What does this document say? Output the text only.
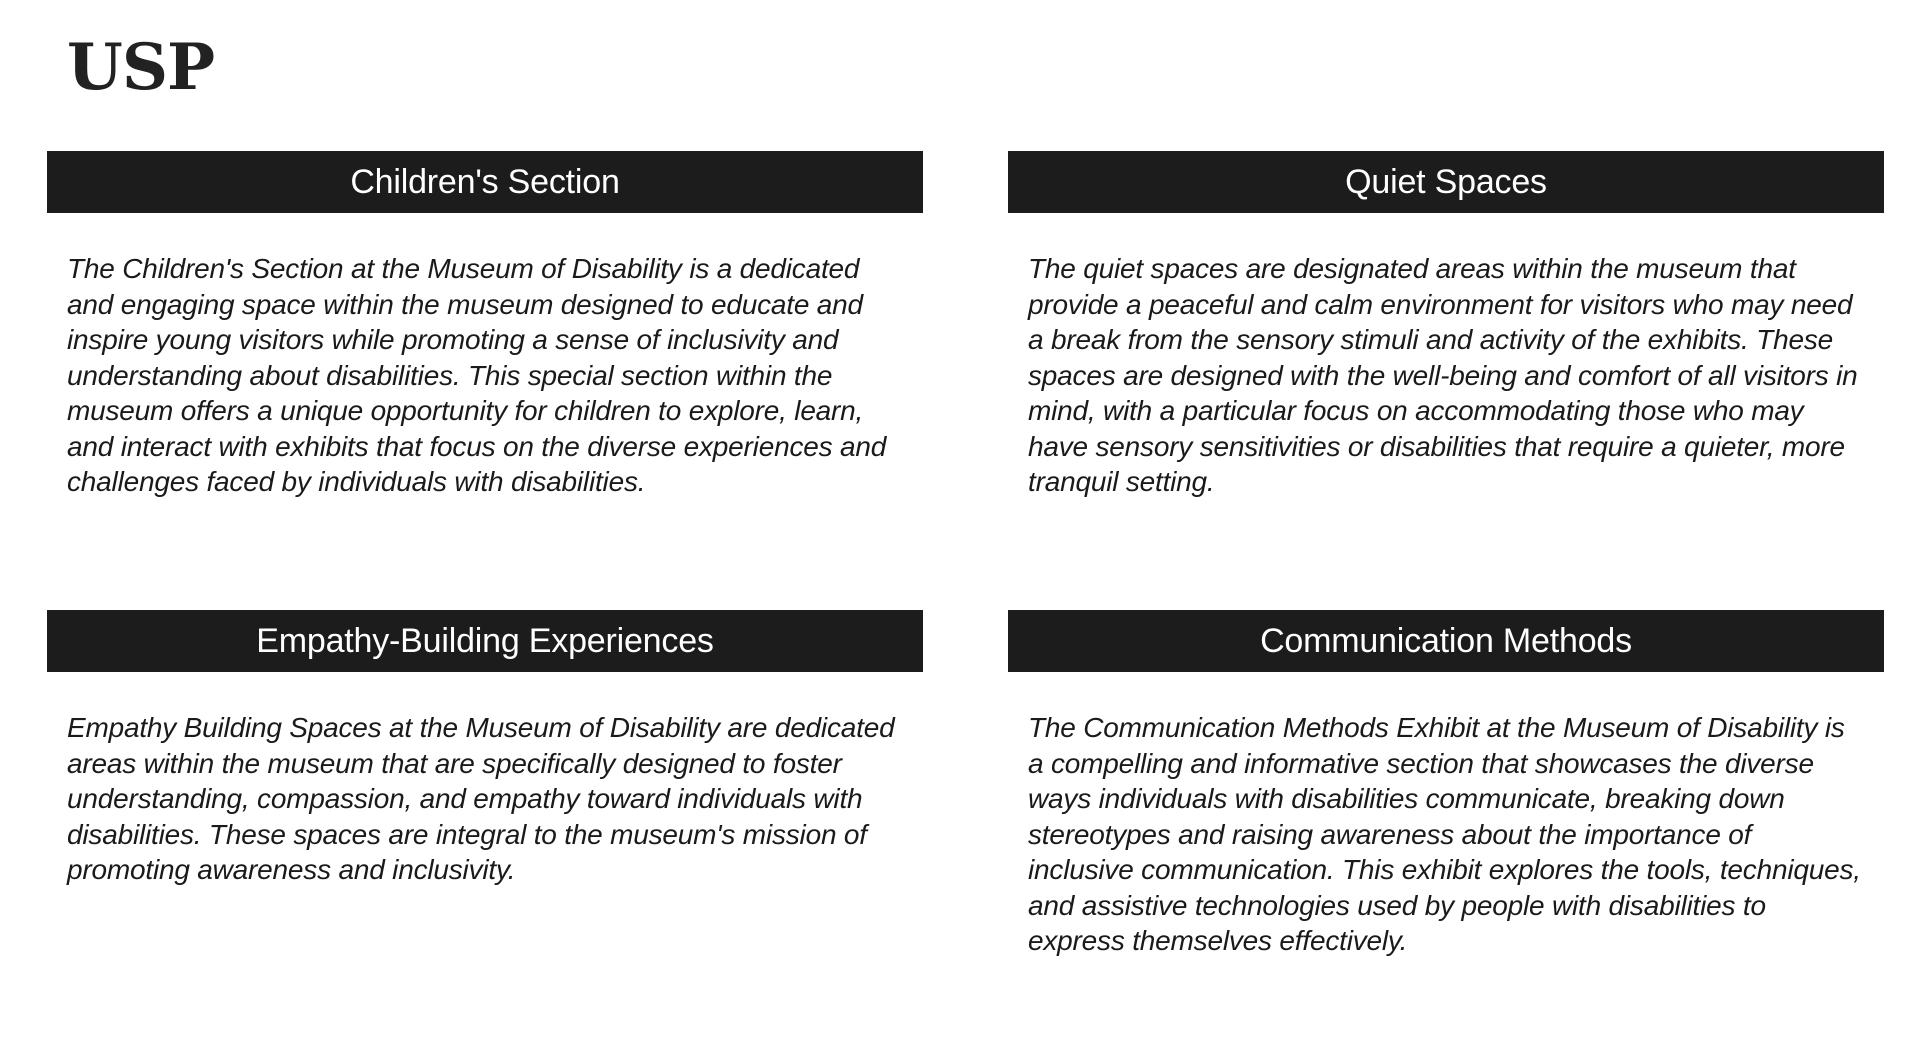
USP
Children's Section

The Children's Section at the Museum of Disability is a dedicated and engaging space within the museum designed to educate and inspire young visitors while promoting a sense of inclusivity and understanding about disabilities. This special section within the museum offers a unique opportunity for children to explore, learn, and interact with exhibits that focus on the diverse experiences and challenges faced by individuals with disabilities.

Quiet Spaces

The quiet spaces are designated areas within the museum that provide a peaceful and calm environment for visitors who may need a break from the sensory stimuli and activity of the exhibits. These spaces are designed with the well-being and comfort of all visitors in mind, with a particular focus on accommodating those who may have sensory sensitivities or disabilities that require a quieter, more tranquil setting.

Empathy-Building Experiences

Empathy Building Spaces at the Museum of Disability are dedicated areas within the museum that are specifically designed to foster understanding, compassion, and empathy toward individuals with disabilities. These spaces are integral to the museum's mission of promoting awareness and inclusivity.

Communication Methods

The Communication Methods Exhibit at the Museum of Disability is a compelling and informative section that showcases the diverse ways individuals with disabilities communicate, breaking down stereotypes and raising awareness about the importance of inclusive communication. This exhibit explores the tools, techniques, and assistive technologies used by people with disabilities to express themselves effectively.
